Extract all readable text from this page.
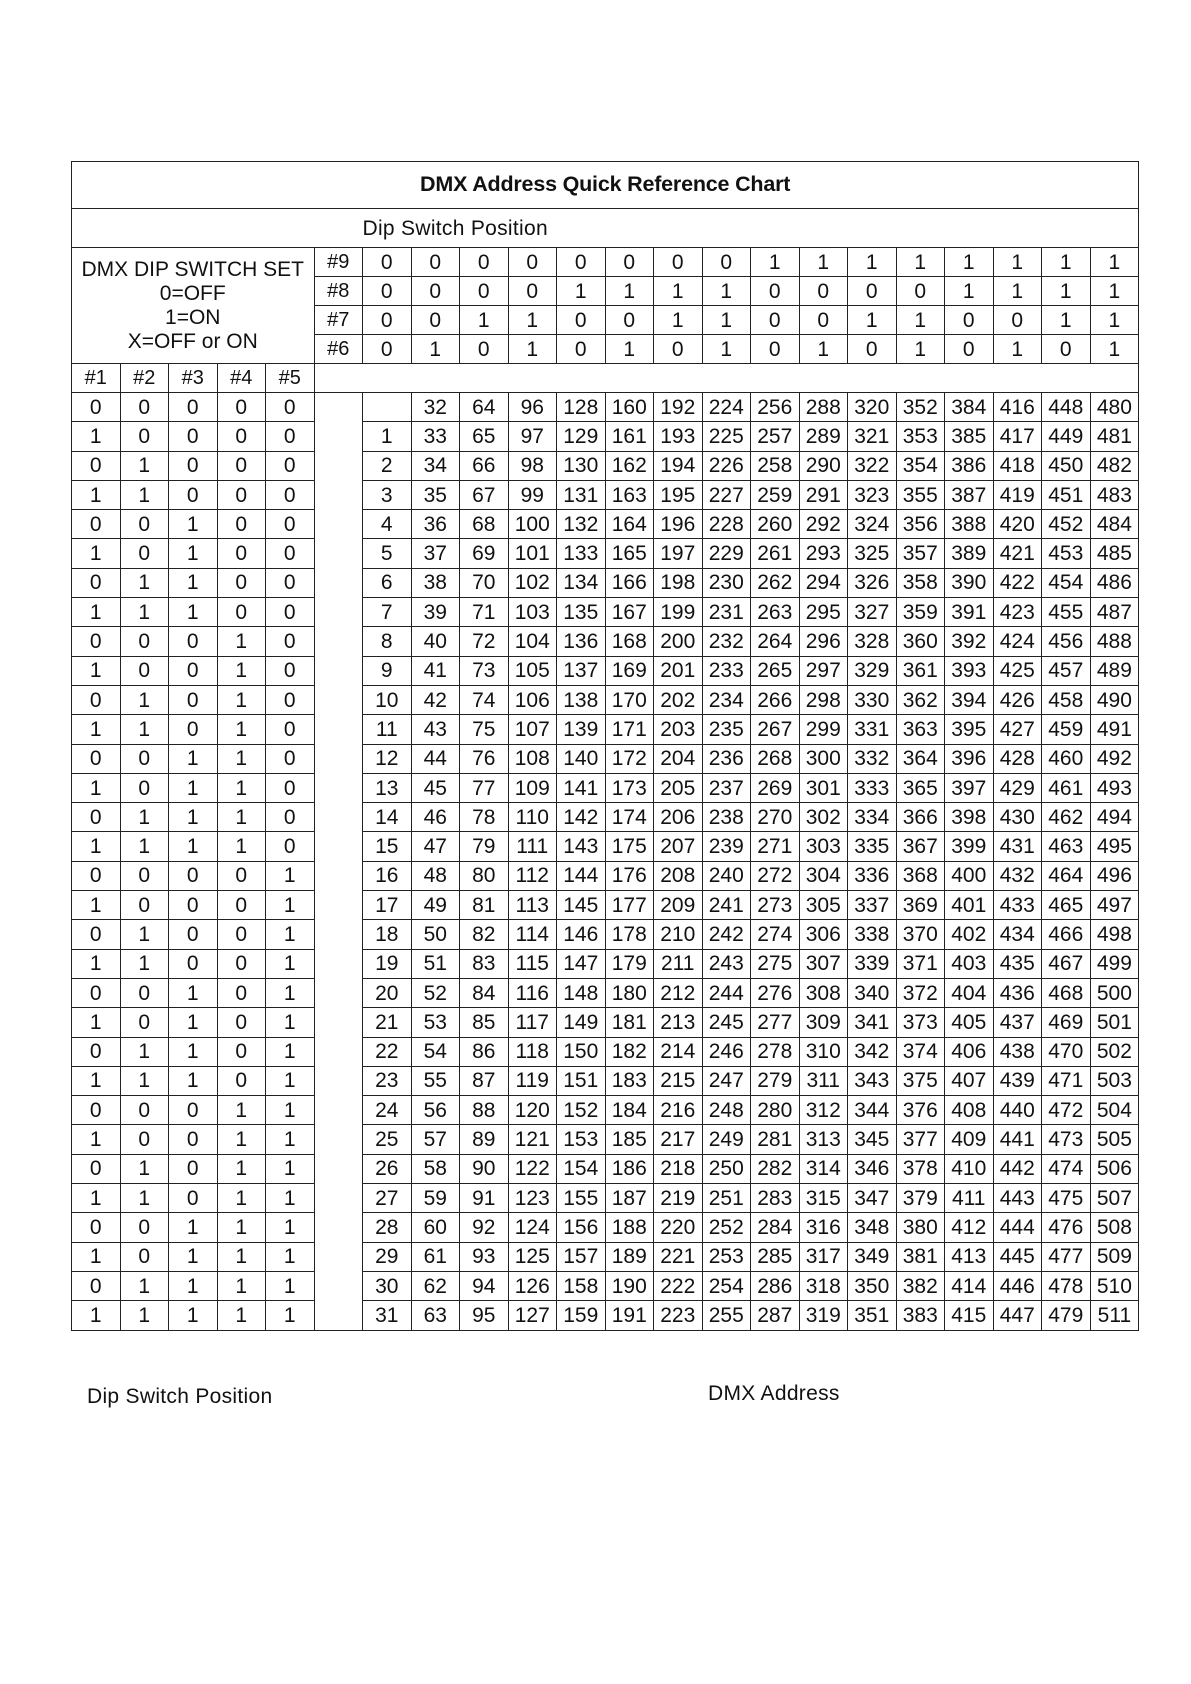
DMX Address Quick Reference Chart																					
						Dip Switch Position															

DMX DIP SWITCH SET
0=OFF
1=ON
X=OFF or ON					#9	0	0	0	0	0	0	0	0	1	1	1	1	1	1	1	1
					#8	0	0	0	0	1	1	1	1	0	0	0	0	1	1	1	1
					#7	0	0	1	1	0	0	1	1	0	0	1	1	0	0	1	1
					#6	0	1	0	1	0	1	0	1	0	1	0	1	0	1	0	1
#1	#2	#3	#4	#5																	
0	0	0	0	0			32	64	96	128	160	192	224	256	288	320	352	384	416	448	480
1	0	0	0	0		1	33	65	97	129	161	193	225	257	289	321	353	385	417	449	481
0	1	0	0	0		2	34	66	98	130	162	194	226	258	290	322	354	386	418	450	482
1	1	0	0	0		3	35	67	99	131	163	195	227	259	291	323	355	387	419	451	483
0	0	1	0	0		4	36	68	100	132	164	196	228	260	292	324	356	388	420	452	484
1	0	1	0	0		5	37	69	101	133	165	197	229	261	293	325	357	389	421	453	485
0	1	1	0	0		6	38	70	102	134	166	198	230	262	294	326	358	390	422	454	486
1	1	1	0	0		7	39	71	103	135	167	199	231	263	295	327	359	391	423	455	487
0	0	0	1	0		8	40	72	104	136	168	200	232	264	296	328	360	392	424	456	488
1	0	0	1	0		9	41	73	105	137	169	201	233	265	297	329	361	393	425	457	489
0	1	0	1	0		10	42	74	106	138	170	202	234	266	298	330	362	394	426	458	490
1	1	0	1	0		11	43	75	107	139	171	203	235	267	299	331	363	395	427	459	491
0	0	1	1	0		12	44	76	108	140	172	204	236	268	300	332	364	396	428	460	492
1	0	1	1	0		13	45	77	109	141	173	205	237	269	301	333	365	397	429	461	493
0	1	1	1	0		14	46	78	110	142	174	206	238	270	302	334	366	398	430	462	494
1	1	1	1	0		15	47	79	111	143	175	207	239	271	303	335	367	399	431	463	495
0	0	0	0	1		16	48	80	112	144	176	208	240	272	304	336	368	400	432	464	496
1	0	0	0	1		17	49	81	113	145	177	209	241	273	305	337	369	401	433	465	497
0	1	0	0	1		18	50	82	114	146	178	210	242	274	306	338	370	402	434	466	498
1	1	0	0	1		19	51	83	115	147	179	211	243	275	307	339	371	403	435	467	499
0	0	1	0	1		20	52	84	116	148	180	212	244	276	308	340	372	404	436	468	500
1	0	1	0	1		21	53	85	117	149	181	213	245	277	309	341	373	405	437	469	501
0	1	1	0	1		22	54	86	118	150	182	214	246	278	310	342	374	406	438	470	502
1	1	1	0	1		23	55	87	119	151	183	215	247	279	311	343	375	407	439	471	503
0	0	0	1	1		24	56	88	120	152	184	216	248	280	312	344	376	408	440	472	504
1	0	0	1	1		25	57	89	121	153	185	217	249	281	313	345	377	409	441	473	505
0	1	0	1	1		26	58	90	122	154	186	218	250	282	314	346	378	410	442	474	506
1	1	0	1	1		27	59	91	123	155	187	219	251	283	315	347	379	411	443	475	507
0	0	1	1	1		28	60	92	124	156	188	220	252	284	316	348	380	412	444	476	508
1	0	1	1	1		29	61	93	125	157	189	221	253	285	317	349	381	413	445	477	509
0	1	1	1	1		30	62	94	126	158	190	222	254	286	318	350	382	414	446	478	510
1	1	1	1	1		31	63	95	127	159	191	223	255	287	319	351	383	415	447	479	511
Dip Switch Position	DMX Address
